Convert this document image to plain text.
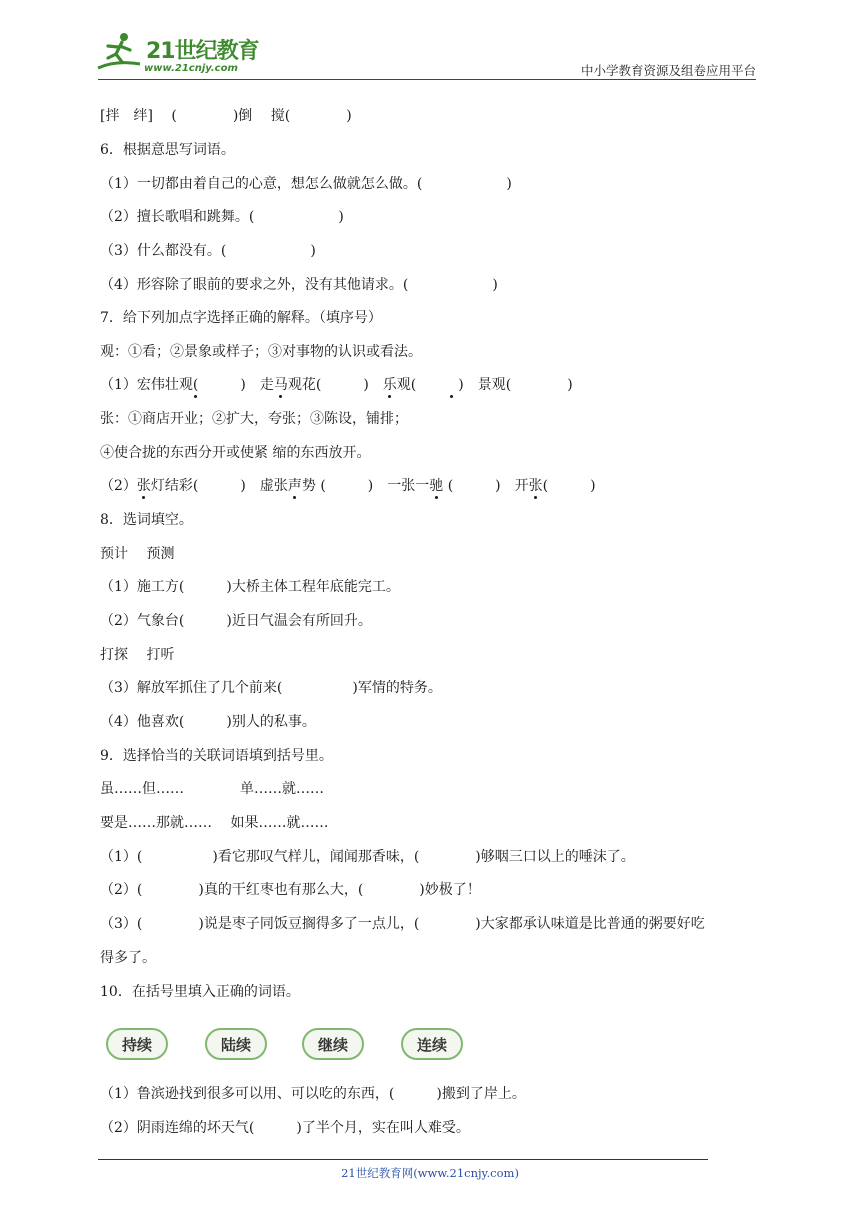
21世纪教育
www.21cnjy.com	中小学教育资源及组卷应用平台
[拌　绊]　 (　　　　)倒　 搅(　　　　)
6．根据意思写词语。
（1）一切都由着自己的心意，想怎么做就怎么做。(　　　　　　)
（2）擅长歌唱和跳舞。(　　　　　　)
（3）什么都没有。(　　　　　　)
（4）形容除了眼前的要求之外，没有其他请求。(　　　　　　)
7．给下列加点字选择正确的解释。（填序号）
观：①看；②景象或样子；③对事物的认识或看法。
（1）宏伟壮观(　　　	)　 走马观花(　　　	)　 乐观(　　　	)　 景观(　　　　	)
张：①商店开业；②扩大，夸张；③陈设，铺排；
④使合拢的东西分开或使紧 缩的东西放开。
（2）张灯结彩(　　　	)　 虚张声势 (　　　	)　 一张一驰 (　　　	)　 开张(　　　	)
8．选词填空。
预计　 预测
（1）施工方(　　　)大桥主体工程年底能完工。
（2）气象台(　　　)近日气温会有所回升。
打探　 打听
（3）解放军抓住了几个前来(　　　　　)军情的特务。
（4）他喜欢(　　　)别人的私事。
9．选择恰当的关联词语填到括号里。
虽……但……　　　　单……就……
要是……那就……　 如果……就……
（1）(　　　　　)看它那叹气样儿，闻闻那香味，(　　　　)够咽三口以上的唾沫了。
（2）(　　　　)真的干红枣也有那么大，(　　　　)妙极了！
（3）(　　　　)说是枣子同饭豆搁得多了一点儿，(　　　　)大家都承认味道是比普通的粥要好吃
得多了。
10．在括号里填入正确的词语。
（1）鲁滨逊找到很多可以用、可以吃的东西，(　　　)搬到了岸上。
（2）阴雨连绵的坏天气(　　　)了半个月，实在叫人难受。
持续	陆续	继续	连续
21世纪教育网(www.21cnjy.com)
